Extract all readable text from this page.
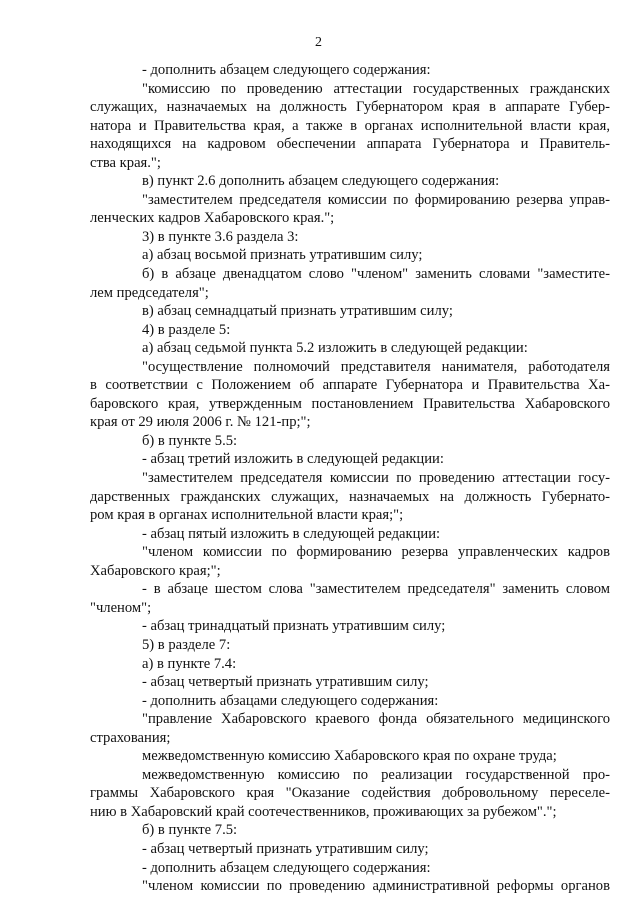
2
- дополнить абзацем следующего содержания:
"комиссию по проведению аттестации государственных гражданских
служащих, назначаемых на должность Губернатором края в аппарате Губер-
натора и Правительства края, а также в органах исполнительной власти края,
находящихся на кадровом обеспечении аппарата Губернатора и Правитель-
ства края.";
в) пункт 2.6 дополнить абзацем следующего содержания:
"заместителем председателя комиссии по формированию резерва управ-
ленческих кадров Хабаровского края.";
3) в пункте 3.6 раздела 3:
а) абзац восьмой признать утратившим силу;
б) в абзаце двенадцатом слово "членом" заменить словами "заместите-
лем председателя";
в) абзац семнадцатый признать утратившим силу;
4) в разделе 5:
а) абзац седьмой пункта 5.2 изложить в следующей редакции:
"осуществление полномочий представителя нанимателя, работодателя
в соответствии с Положением об аппарате Губернатора и Правительства Ха-
баровского края, утвержденным постановлением Правительства Хабаровского
края от 29 июля 2006 г. № 121-пр;";
б) в пункте 5.5:
- абзац третий изложить в следующей редакции:
"заместителем председателя комиссии по проведению аттестации госу-
дарственных гражданских служащих, назначаемых на должность Губернато-
ром края в органах исполнительной власти края;";
- абзац пятый изложить в следующей редакции:
"членом комиссии по формированию резерва управленческих кадров
Хабаровского края;";
- в абзаце шестом слова "заместителем председателя" заменить словом
"членом";
- абзац тринадцатый признать утратившим силу;
5) в разделе 7:
а) в пункте 7.4:
- абзац четвертый признать утратившим силу;
- дополнить абзацами следующего содержания:
"правление Хабаровского краевого фонда обязательного медицинского
страхования;
межведомственную комиссию Хабаровского края по охране труда;
межведомственную комиссию по реализации государственной про-
граммы Хабаровского края "Оказание содействия добровольному переселе-
нию в Хабаровский край соотечественников, проживающих за рубежом".";
б) в пункте 7.5:
- абзац четвертый признать утратившим силу;
- дополнить абзацем следующего содержания:
"членом комиссии по проведению административной реформы органов
